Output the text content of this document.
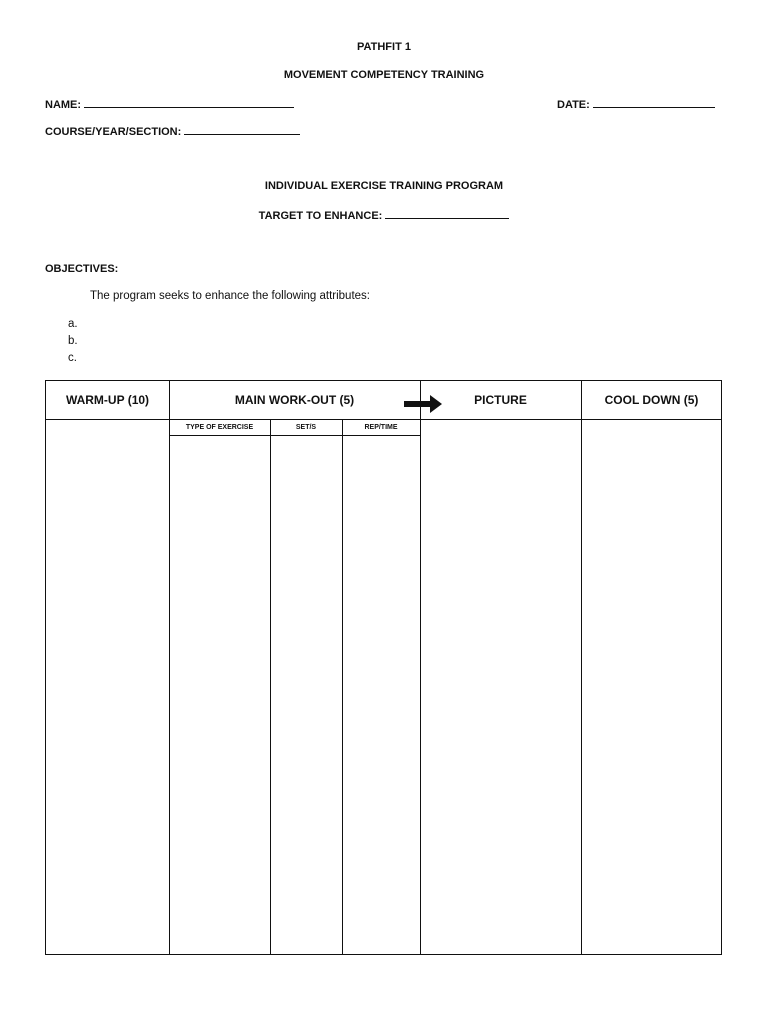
PATHFIT 1
MOVEMENT COMPETENCY TRAINING
NAME:	DATE:
COURSE/YEAR/SECTION:
INDIVIDUAL EXERCISE TRAINING PROGRAM
TARGET TO ENHANCE:
OBJECTIVES:
The program seeks to enhance the following attributes:
a.
b.
c.
WARM-UP (10)	MAIN WORK-OUT (5)	PICTURE	COOL DOWN (5)
TYPE OF EXERCISE	SET/S	REP/TIME
